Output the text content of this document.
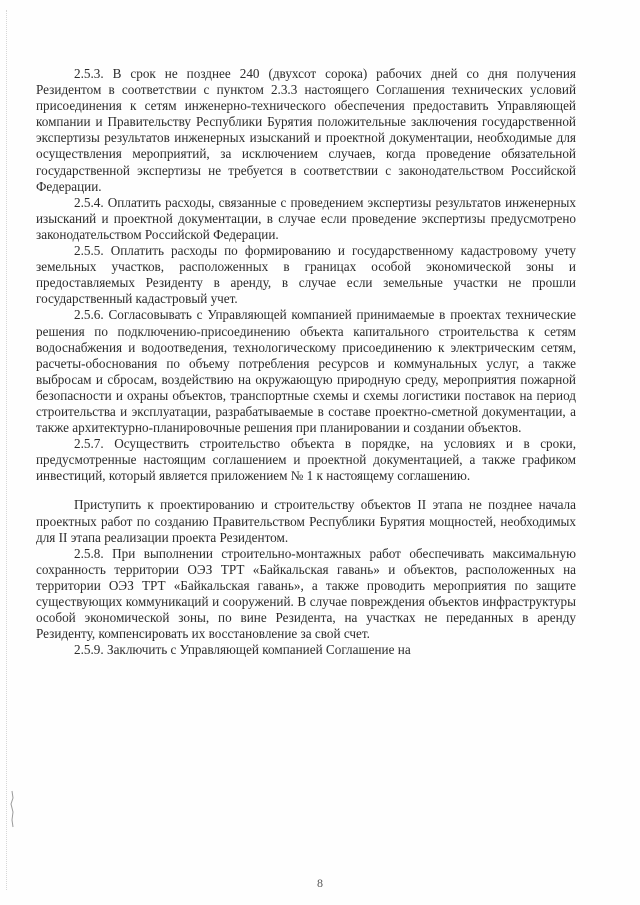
2.5.3. В срок не позднее 240 (двухсот сорока) рабочих дней со дня получения Резидентом в соответствии с пунктом 2.3.3 настоящего Соглашения технических условий присоединения к сетям инженерно-технического обеспечения предоставить Управляющей компании и Правительству Республики Бурятия положительные заключения государственной экспертизы результатов инженерных изысканий и проектной документации, необходимые для осуществления мероприятий, за исключением случаев, когда проведение обязательной государственной экспертизы не требуется в соответствии с законодательством Российской Федерации.

2.5.4. Оплатить расходы, связанные с проведением экспертизы результатов инженерных изысканий и проектной документации, в случае если проведение экспертизы предусмотрено законодательством Российской Федерации.

2.5.5. Оплатить расходы по формированию и государственному кадастровому учету земельных участков, расположенных в границах особой экономической зоны и предоставляемых Резиденту в аренду, в случае если земельные участки не прошли государственный кадастровый учет.

2.5.6. Согласовывать с Управляющей компанией принимаемые в проектах технические решения по подключению-присоединению объекта капитального строительства к сетям водоснабжения и водоотведения, технологическому присоединению к электрическим сетям, расчеты-обоснования по объему потребления ресурсов и коммунальных услуг, а также выбросам и сбросам, воздействию на окружающую природную среду, мероприятия пожарной безопасности и охраны объектов, транспортные схемы и схемы логистики поставок на период строительства и эксплуатации, разрабатываемые в составе проектно-сметной документации, а также архитектурно-планировочные решения при планировании и создании объектов.

2.5.7. Осуществить строительство объекта в порядке, на условиях и в сроки, предусмотренные настоящим соглашением и проектной документацией, а также графиком инвестиций, который является приложением № 1 к настоящему соглашению.

Приступить к проектированию и строительству объектов II этапа не позднее начала проектных работ по созданию Правительством Республики Бурятия мощностей, необходимых для II этапа реализации проекта Резидентом.

2.5.8. При выполнении строительно-монтажных работ обеспечивать максимальную сохранность территории ОЭЗ ТРТ «Байкальская гавань» и объектов, расположенных на территории ОЭЗ ТРТ «Байкальская гавань», а также проводить мероприятия по защите существующих коммуникаций и сооружений. В случае повреждения объектов инфраструктуры особой экономической зоны, по вине Резидента, на участках не переданных в аренду Резиденту, компенсировать их восстановление за свой счет.

2.5.9. Заключить с Управляющей компанией Соглашение на

8
